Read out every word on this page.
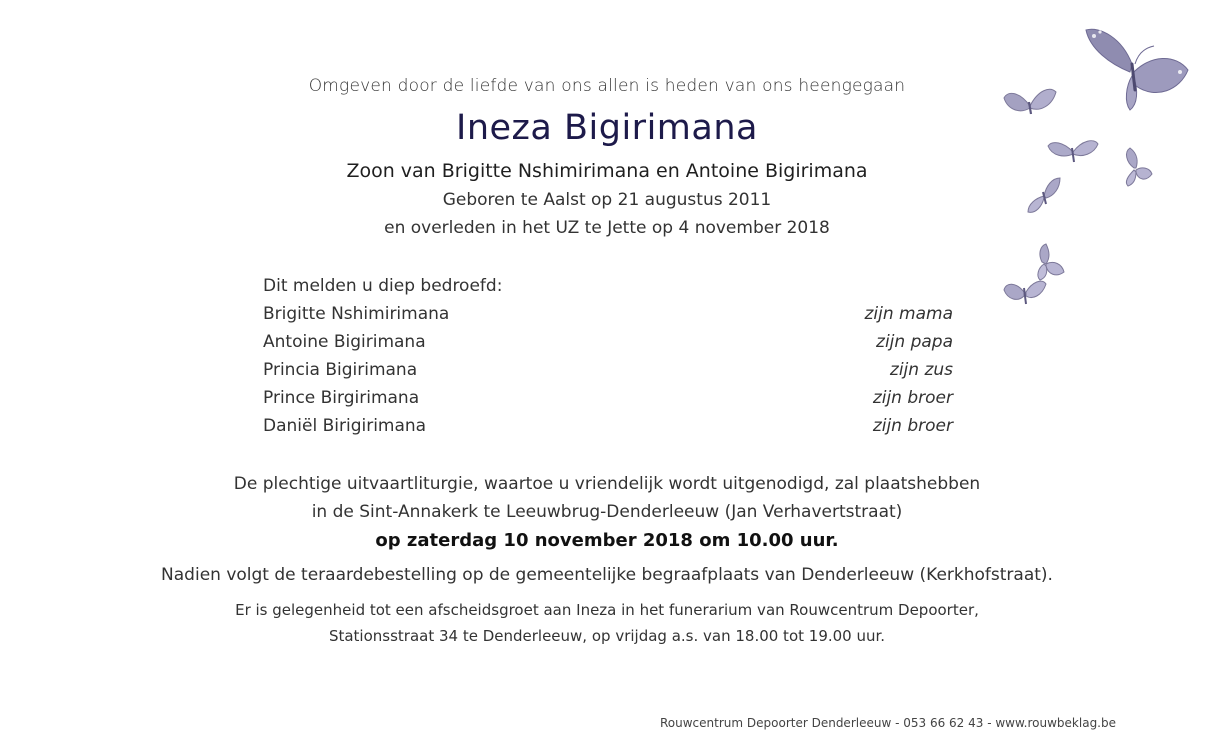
Omgeven door de liefde van ons allen is heden van ons heengegaan
Ineza Bigirimana
Zoon van Brigitte Nshimirimana en Antoine Bigirimana
Geboren te Aalst op 21 augustus 2011
en overleden in het UZ te Jette op 4 november 2018
Dit melden u diep bedroefd:
Brigitte Nshimirimana	zijn mama
Antoine Bigirimana	zijn papa
Princia Bigirimana	zijn zus
Prince Birgirimana	zijn broer
Daniël Birigirimana	zijn broer
De plechtige uitvaartliturgie, waartoe u vriendelijk wordt uitgenodigd, zal plaatshebben
in de Sint-Annakerk te Leeuwbrug-Denderleeuw (Jan Verhavertstraat)
op zaterdag 10 november 2018 om 10.00 uur.
Nadien volgt de teraardebestelling op de gemeentelijke begraafplaats van Denderleeuw (Kerkhofstraat).
Er is gelegenheid tot een afscheidsgroet aan Ineza in het funerarium van Rouwcentrum Depoorter,
Stationsstraat 34 te Denderleeuw, op vrijdag a.s. van 18.00 tot 19.00 uur.
Rouwcentrum Depoorter Denderleeuw - 053 66 62 43 - www.rouwbeklag.be
